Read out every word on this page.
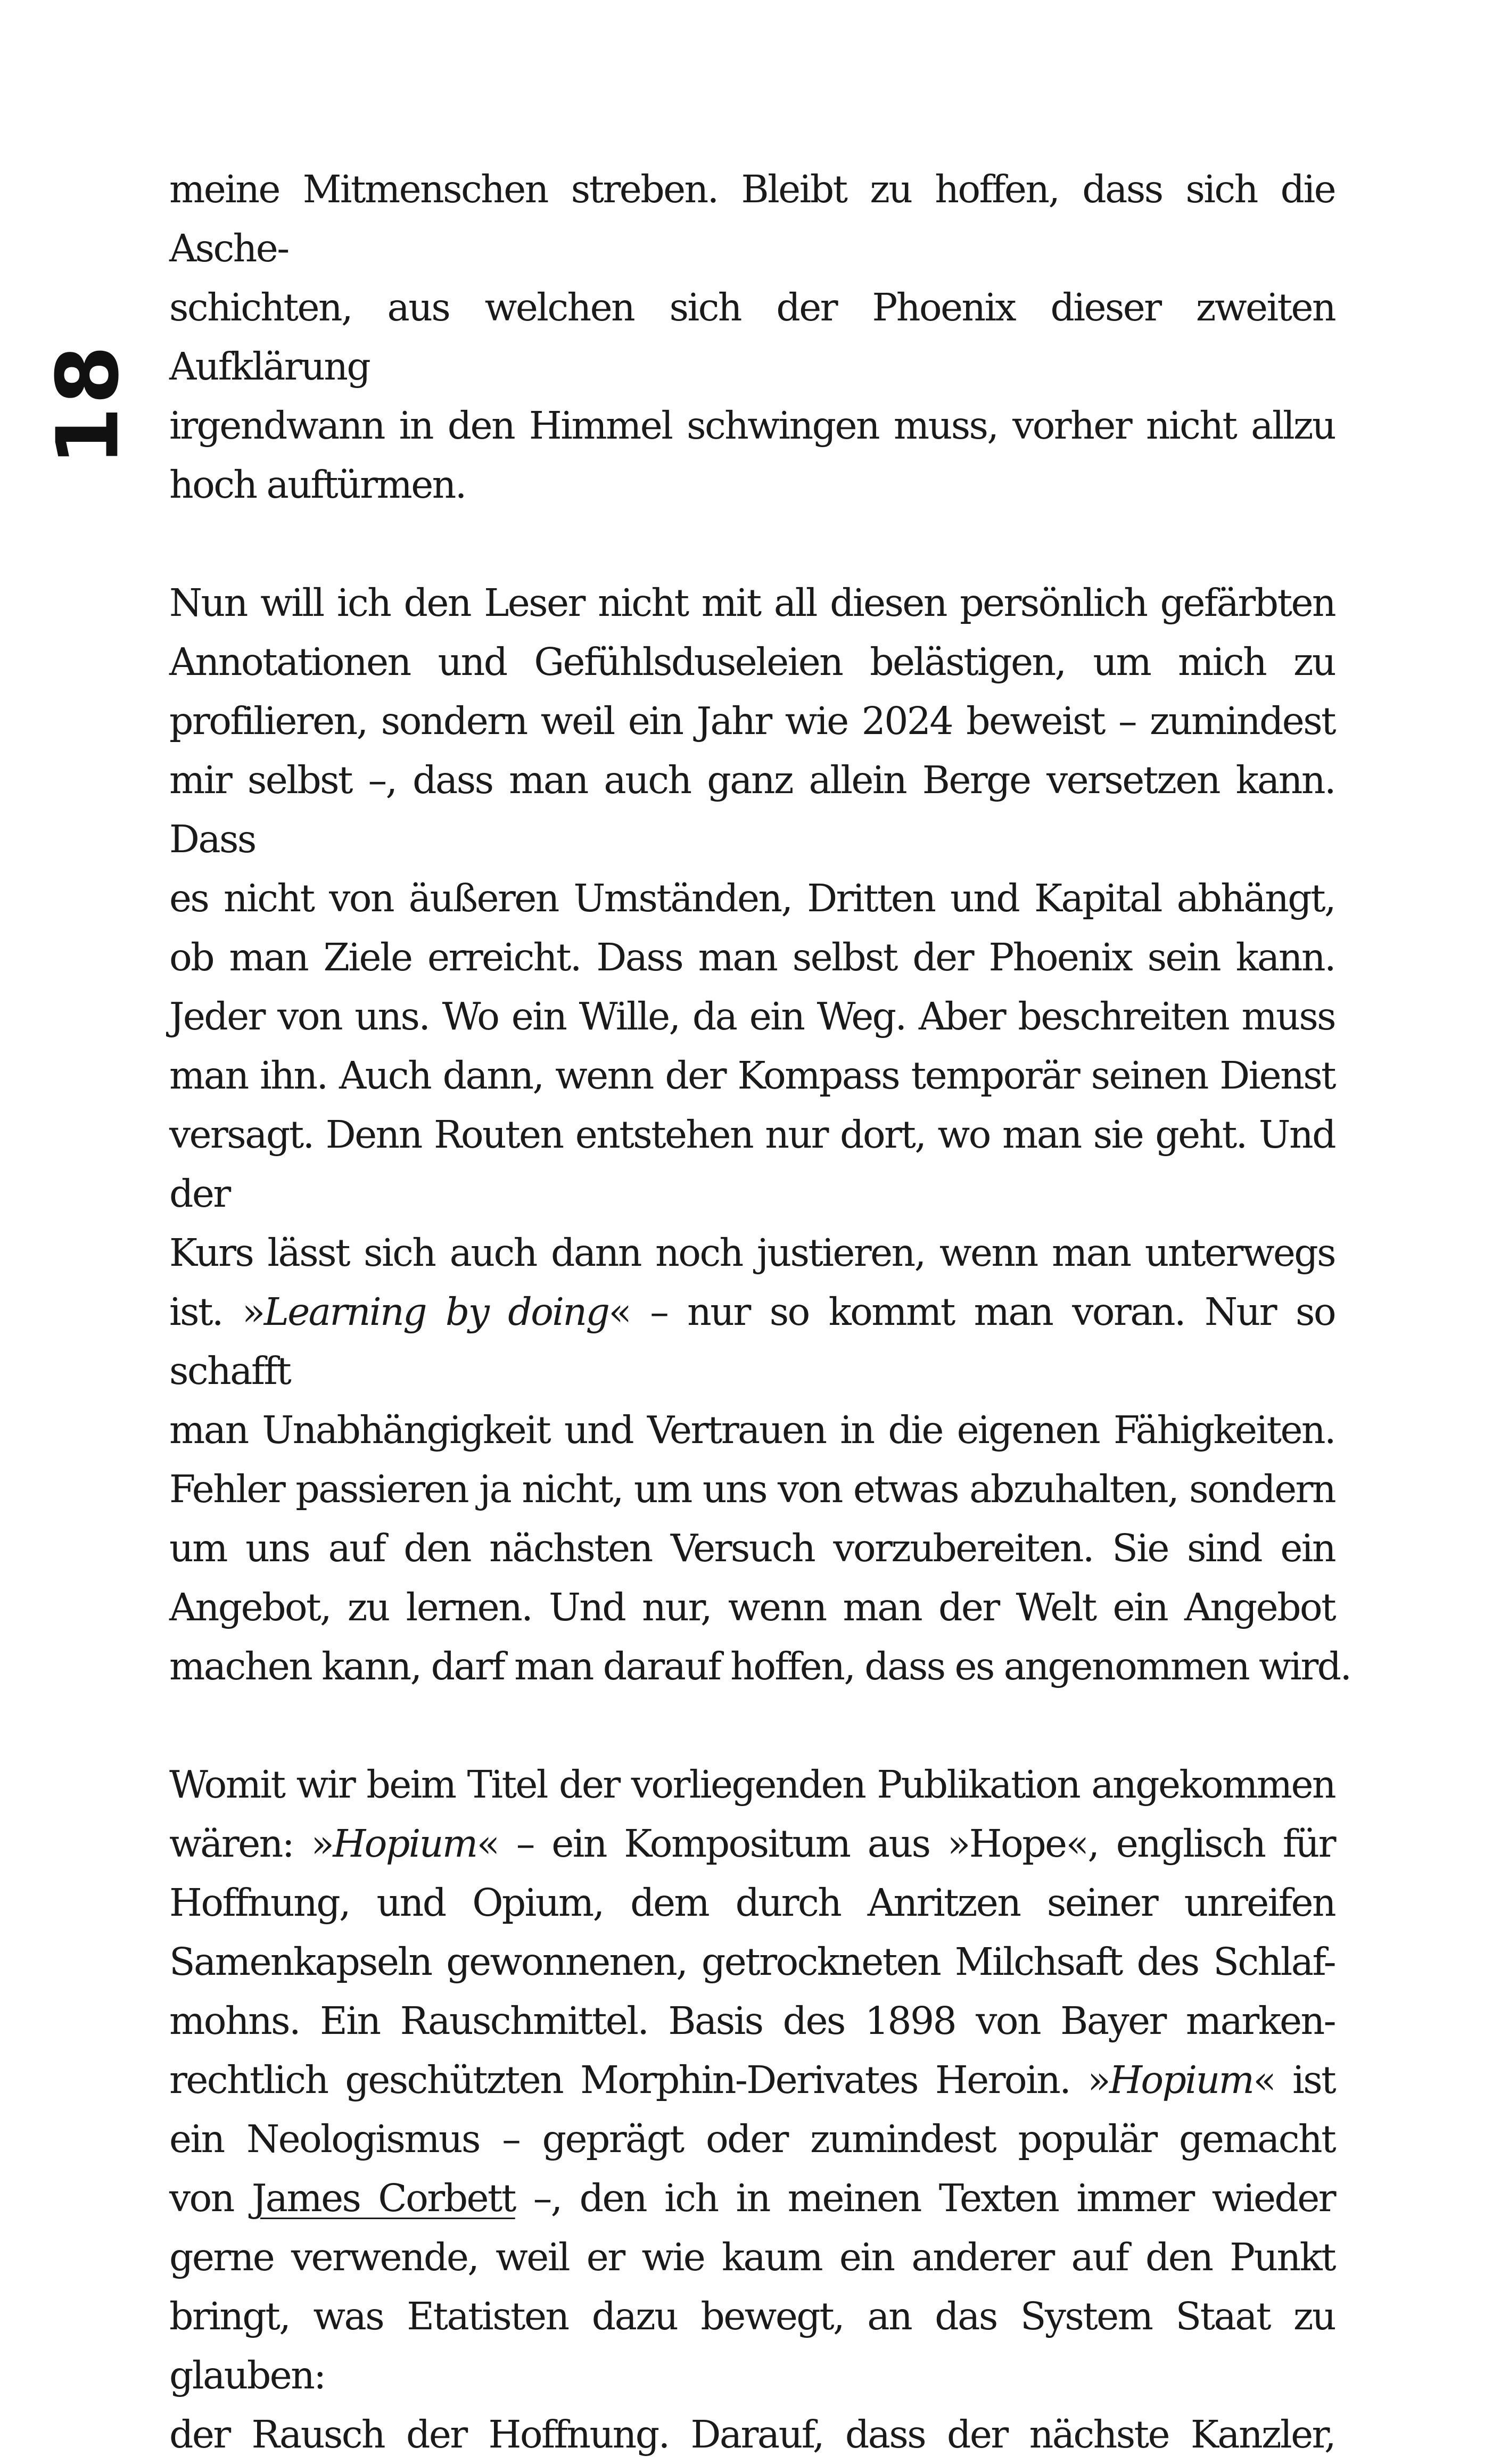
18

meine Mitmenschen streben. Bleibt zu hoffen, dass sich die Asche-
schichten, aus welchen sich der Phoenix dieser zweiten Aufklärung
irgendwann in den Himmel schwingen muss, vorher nicht allzu
hoch auftürmen.

Nun will ich den Leser nicht mit all diesen persönlich gefärbten
Annotationen und Gefühlsduseleien belästigen, um mich zu
profilieren, sondern weil ein Jahr wie 2024 beweist – zumindest
mir selbst –, dass man auch ganz allein Berge versetzen kann. Dass
es nicht von äußeren Umständen, Dritten und Kapital abhängt,
ob man Ziele erreicht. Dass man selbst der Phoenix sein kann.
Jeder von uns. Wo ein Wille, da ein Weg. Aber beschreiten muss
man ihn. Auch dann, wenn der Kompass temporär seinen Dienst
versagt. Denn Routen entstehen nur dort, wo man sie geht. Und der
Kurs lässt sich auch dann noch justieren, wenn man unterwegs
ist. »Learning by doing« – nur so kommt man voran. Nur so schafft
man Unabhängigkeit und Vertrauen in die eigenen Fähigkeiten.
Fehler passieren ja nicht, um uns von etwas abzuhalten, sondern
um uns auf den nächsten Versuch vorzubereiten. Sie sind ein
Angebot, zu lernen. Und nur, wenn man der Welt ein Angebot
machen kann, darf man darauf hoffen, dass es angenommen wird.

Womit wir beim Titel der vorliegenden Publikation angekommen
wären: »Hopium« – ein Kompositum aus »Hope«, englisch für
Hoffnung, und Opium, dem durch Anritzen seiner unreifen
Samenkapseln gewonnenen, getrockneten Milchsaft des Schlaf-
mohns. Ein Rauschmittel. Basis des 1898 von Bayer marken-
rechtlich geschützten Morphin-Derivates Heroin. »Hopium« ist
ein Neologismus – geprägt oder zumindest populär gemacht
von James Corbett –, den ich in meinen Texten immer wieder
gerne verwende, weil er wie kaum ein anderer auf den Punkt
bringt, was Etatisten dazu bewegt, an das System Staat zu glauben:
der Rausch der Hoffnung. Darauf, dass der nächste Kanzler,
